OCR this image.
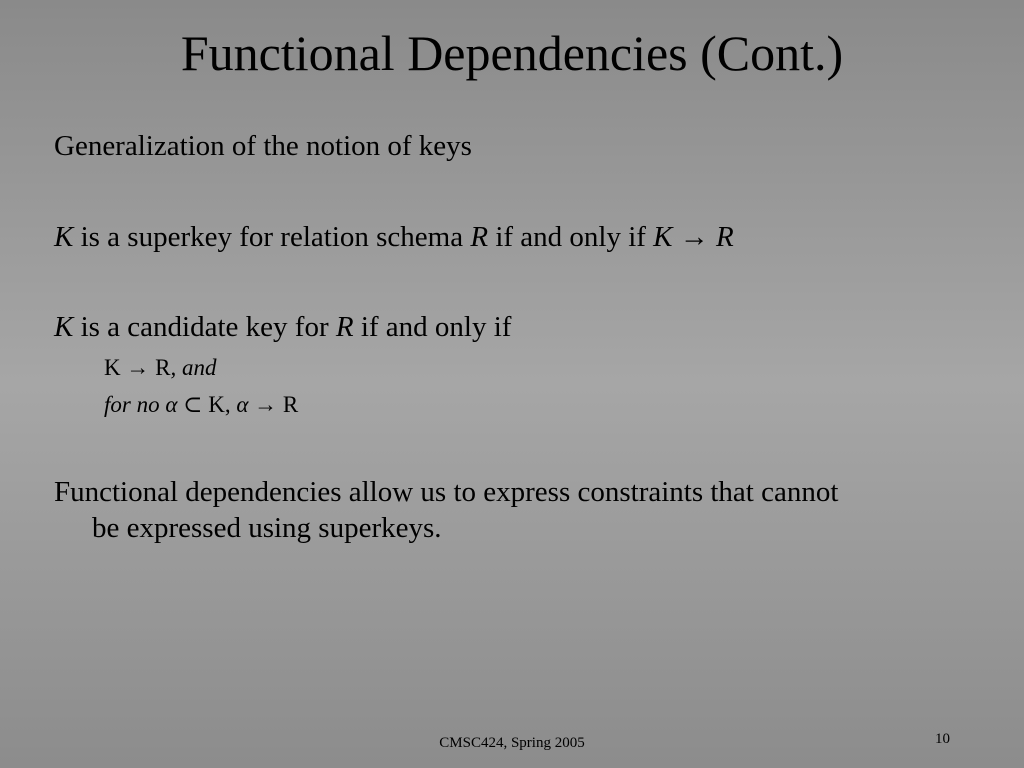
Functional Dependencies (Cont.)
Generalization of the notion of keys
K is a superkey for relation schema R if and only if K → R
K is a candidate key for R if and only if
K → R, and
for no α ⊂ K, α → R
Functional dependencies allow us to express constraints that cannot
be expressed using superkeys.
CMSC424, Spring 2005	10
